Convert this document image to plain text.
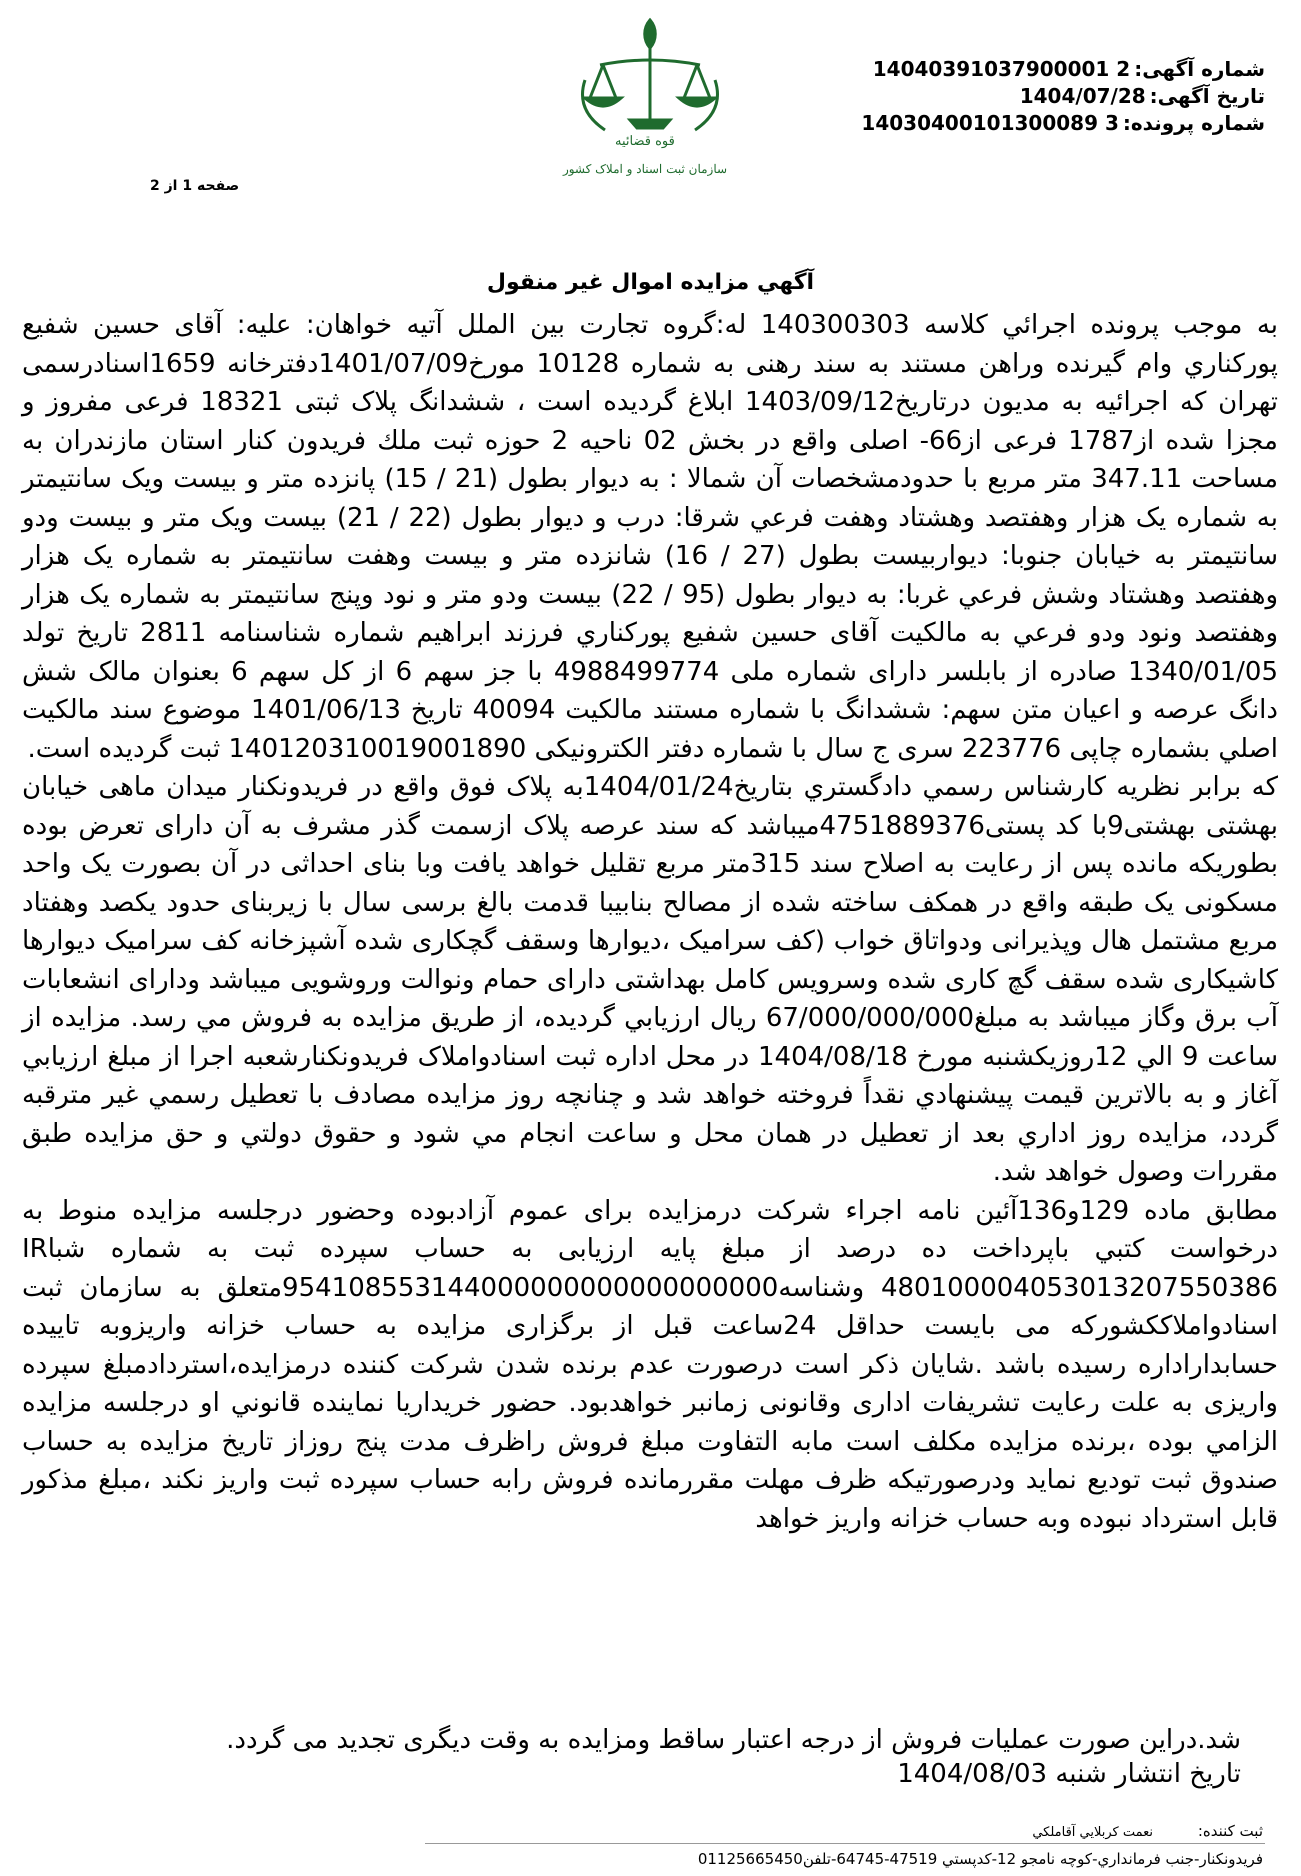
شماره آگهی:14040391037900001 2
تاریخ آگهی:1404/07/28
شماره پرونده:14030400101300089 3
قوه قضائیه
سازمان ثبت اسناد و املاک کشور
صفحه 1 از 2
آگهي مزايده اموال غير منقول

به موجب پرونده اجرائي كلاسه 140300303 له:گروه تجارت بین الملل آتیه خواهان: علیه: آقای حسین شفیع پورکناري وام گیرنده وراهن مستند به سند رهنی به شماره 10128 مورخ1401/07/09دفترخانه 1659اسنادرسمی تهران که اجرائیه به مدیون درتاریخ1403/09/12 ابلاغ گردیده است ، ششدانگ پلاک ثبتی 18321 فرعی مفروز و مجزا شده از1787 فرعی از66- اصلی واقع در بخش 02 ناحیه 2 حوزه ثبت ملك فریدون کنار استان مازندران به مساحت 347.11 متر مربع با حدودمشخصات آن شمالا : به دیوار بطول (21 / 15) پانزده متر و بیست ویک سانتیمتر به شماره یک هزار وهفتصد وهشتاد وهفت فرعي شرقا: درب و دیوار بطول (22 / 21) بیست ویک متر و بیست ودو سانتیمتر به خیابان جنوبا: دیواربیست بطول (27 / 16) شانزده متر و بیست وهفت سانتیمتر به شماره یک هزار وهفتصد وهشتاد وشش فرعي غربا: به دیوار بطول (95 / 22) بیست ودو متر و نود وپنج سانتیمتر به شماره یک هزار وهفتصد ونود ودو فرعي به مالكيت آقای حسین شفیع پورکناري فرزند ابراهیم شماره شناسنامه 2811 تاریخ تولد 1340/01/05 صادره از بابلسر دارای شماره ملی 4988499774 با جز سهم 6 از کل سهم 6 بعنوان مالک شش دانگ عرصه و اعیان متن سهم: ششدانگ با شماره مستند مالکیت 40094 تاریخ 1401/06/13 موضوع سند مالكيت اصلي بشماره چاپی 223776 سری ج سال با شماره دفتر الکترونیکی 140120310019001890 ثبت گردیده است.

که برابر نظریه کارشناس رسمي دادگستري بتاريخ1404/01/24به پلاک فوق واقع در فریدونکنار میدان ماهی خیابان بهشتی بهشتی9با کد پستی4751889376میباشد که سند عرصه پلاک ازسمت گذر مشرف به آن دارای تعرض بوده بطوریکه مانده پس از رعایت به اصلاح سند 315متر مربع تقلیل خواهد یافت وبا بنای احداثی در آن بصورت یک واحد مسکونی یک طبقه واقع در همکف ساخته شده از مصالح بنابیبا قدمت بالغ برسی سال با زیربنای حدود یکصد وهفتاد مربع مشتمل هال وپذیرانی ودواتاق خواب (کف سرامیک ،دیوارها وسقف گچکاری شده آشپزخانه کف سرامیک دیوارها کاشیکاری شده سقف گچ کاری شده وسرویس کامل بهداشتی دارای حمام ونوالت وروشویی میباشد ودارای انشعابات آب برق وگاز میباشد به مبلغ67/000/000/000 ريال ارزيابي گرديده، از طريق مزايده به فروش مي رسد. مزایده از ساعت 9 الي 12روزیکشنبه مورخ 1404/08/18 در محل اداره ثبت اسنادواملاک فریدونکنارشعبه اجرا از مبلغ ارزيابي آغاز و به بالاترين قيمت پيشنهادي نقداً فروخته خواهد شد و چنانچه روز مزايده مصادف با تعطيل رسمي غير مترقبه گردد، مزايده روز اداري بعد از تعطيل در همان محل و ساعت انجام مي شود و حقوق دولتي و حق مزايده طبق مقررات وصول خواهد شد.

مطابق ماده 129و136آئین نامه اجراء شرکت درمزایده برای عموم آزادبوده وحضور درجلسه مزایده منوط به درخواست كتبي باپرداخت ده درصد از مبلغ پایه ارزیابی به حساب سپرده ثبت به شماره شباIR 480100004053013207550386 وشناسه954108553144000000000000000000متعلق به سازمان ثبت اسنادواملاككشوركه می بایست حداقل 24ساعت قبل از برگزاری مزایده به حساب خزانه واریزوبه تاییده حسابداراداره رسیده باشد .شایان ذکر است درصورت عدم برنده شدن شرکت کننده درمزایده،استردادمبلغ سپرده واریزی به علت رعایت تشریفات اداری وقانونی زمانبر خواهدبود. حضور خريداريا نماينده قانوني او درجلسه مزايده الزامي بوده ،برنده مزایده مکلف است مابه التفاوت مبلغ فروش راظرف مدت پنج روزاز تاریخ مزایده به حساب صندوق ثبت تودیع نماید ودرصورتیکه ظرف مهلت مقررمانده فروش رابه حساب سپرده ثبت واریز نکند ،مبلغ مذکور قابل استرداد نبوده وبه حساب خزانه واریز خواهد

شد.دراین صورت عملیات فروش از درجه اعتبار ساقط ومزایده به وقت دیگری تجدید می گردد.

تاریخ انتشار شنبه 1404/08/03

ثبت كننده: نعمت كربلايي آقاملكي
فريدونكنار-جنب فرمانداري-كوچه نامجو 12-كدپستي 47519-64745-تلفن01125665450
